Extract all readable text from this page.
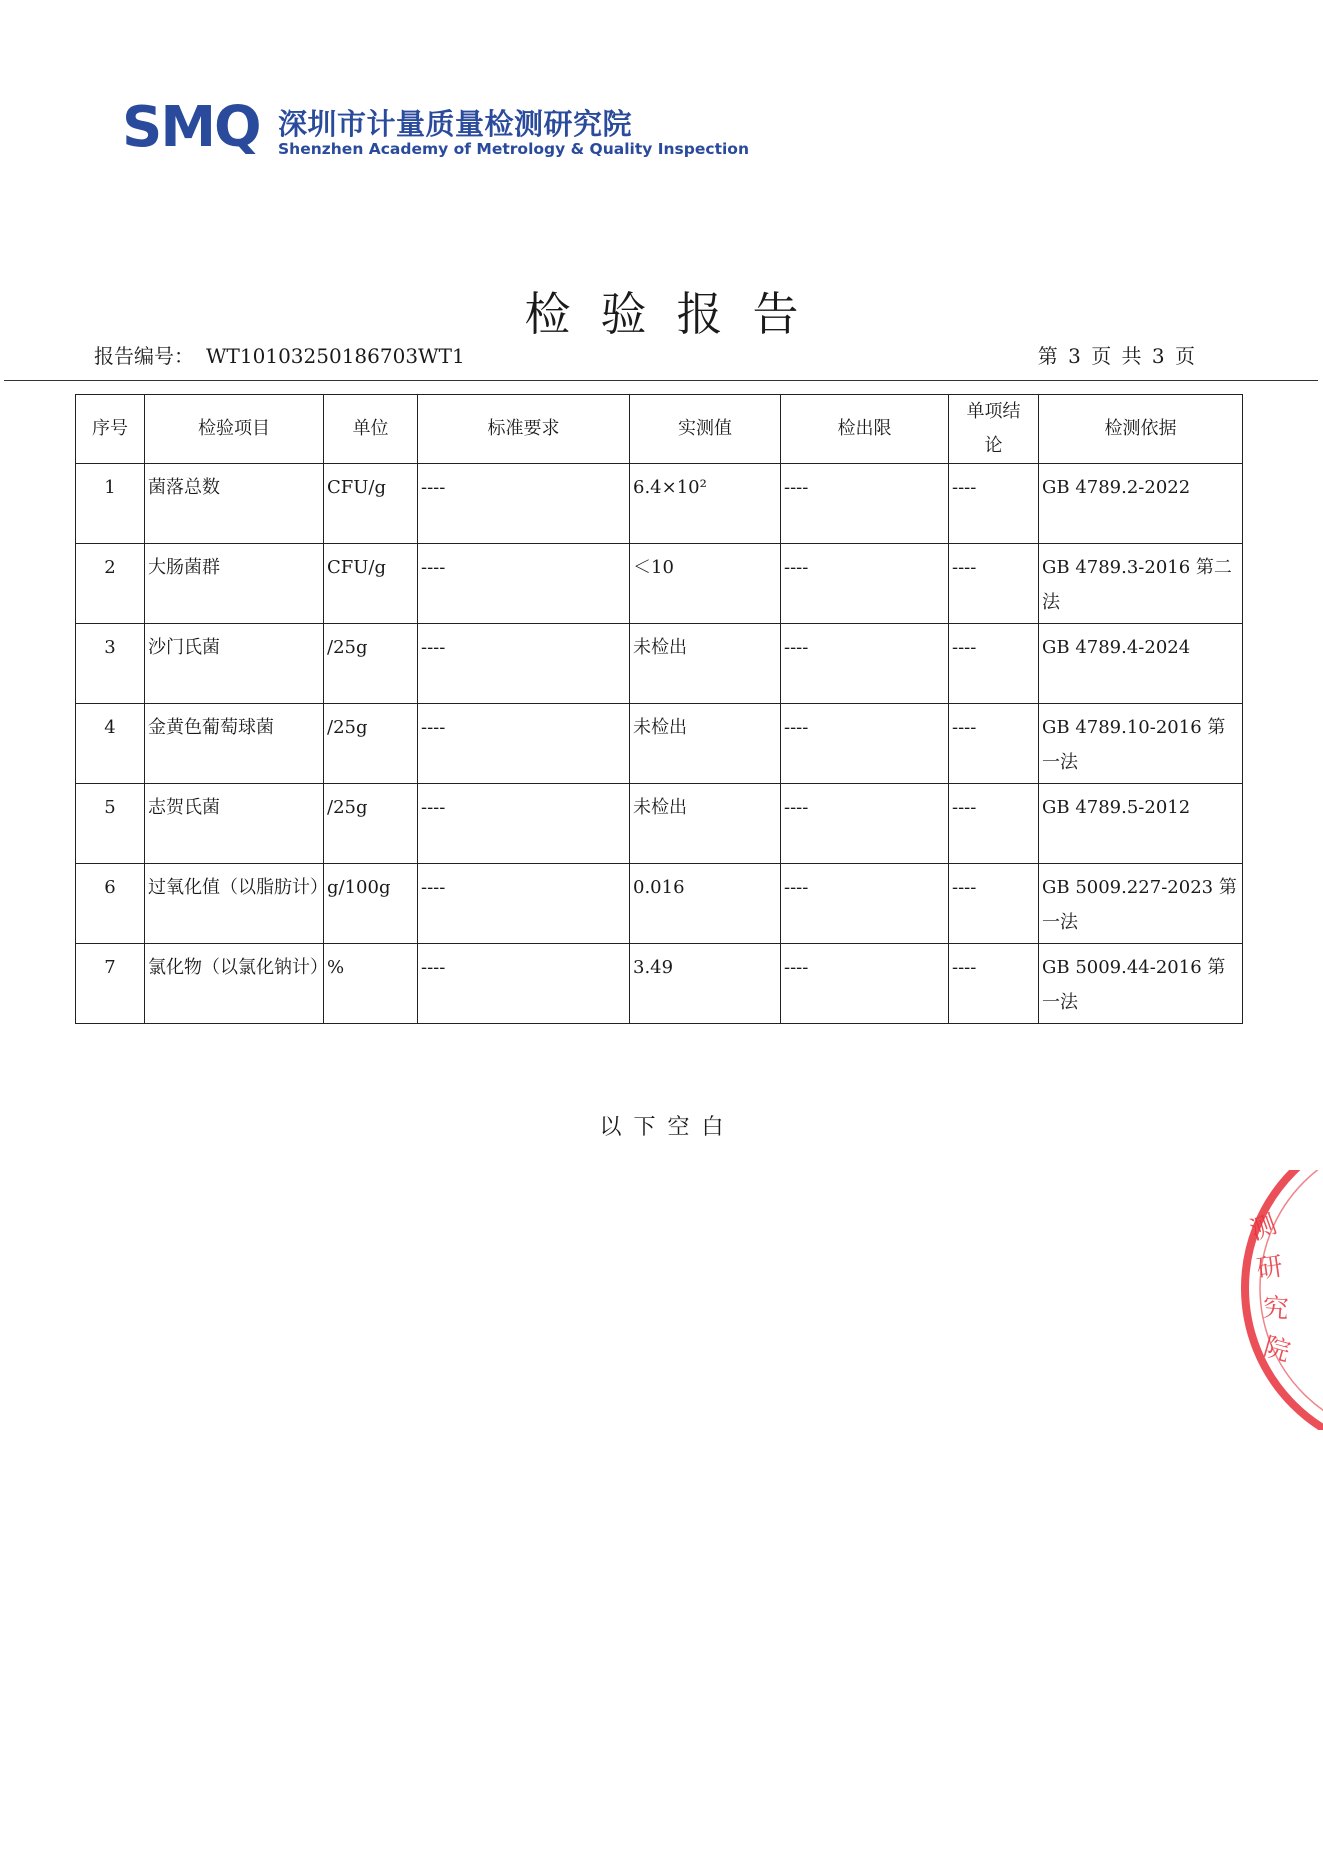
SMQ 深圳市计量质量检测研究院
Shenzhen Academy of Metrology & Quality Inspection
检验报告
报告编号： WT10103250186703WT1	第 3 页 共 3 页
序号	检验项目	单位	标准要求	实测值	检出限	单项结论	检测依据
1	菌落总数	CFU/g	----	6.4×10²	----	----	GB 4789.2-2022
2	大肠菌群	CFU/g	----	＜10	----	----	GB 4789.3-2016 第二法
3	沙门氏菌	/25g	----	未检出	----	----	GB 4789.4-2024
4	金黄色葡萄球菌	/25g	----	未检出	----	----	GB 4789.10-2016 第一法
5	志贺氏菌	/25g	----	未检出	----	----	GB 4789.5-2012
6	过氧化值（以脂肪计）	g/100g	----	0.016	----	----	GB 5009.227-2023 第一法
7	氯化物（以氯化钠计）	%	----	3.49	----	----	GB 5009.44-2016 第一法
以下空白
测
研
究
院
